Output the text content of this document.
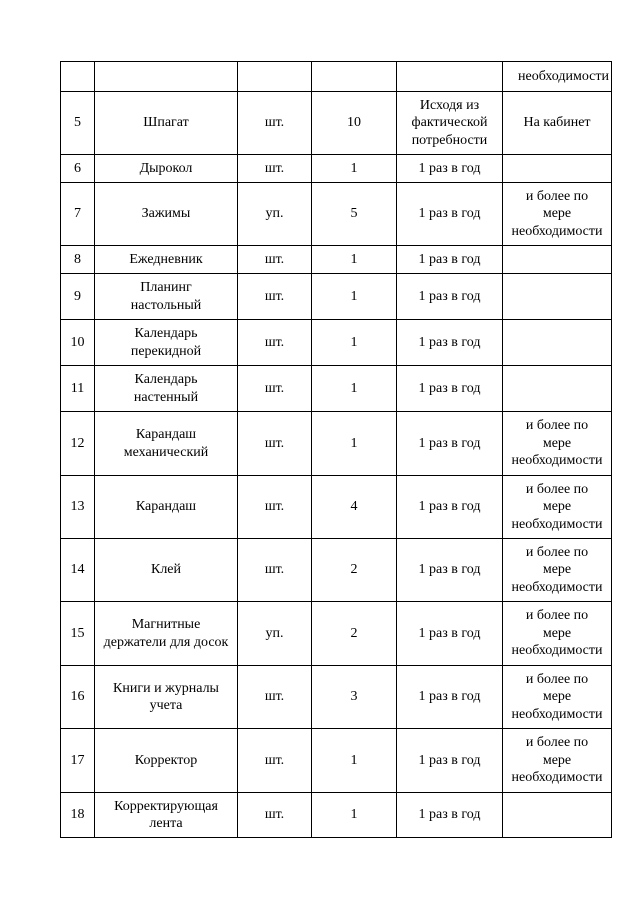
					необходимости
5	Шпагат	шт.	10	Исходя из
фактической
потребности	На кабинет
6	Дырокол	шт.	1	1 раз в год	
7	Зажимы	уп.	5	1 раз в год	и более по
мере
необходимости
8	Ежедневник	шт.	1	1 раз в год	
9	Планинг
настольный	шт.	1	1 раз в год	
10	Календарь
перекидной	шт.	1	1 раз в год	
11	Календарь
настенный	шт.	1	1 раз в год	
12	Карандаш
механический	шт.	1	1 раз в год	и более по
мере
необходимости
13	Карандаш	шт.	4	1 раз в год	и более по
мере
необходимости
14	Клей	шт.	2	1 раз в год	и более по
мере
необходимости
15	Магнитные
держатели для досок	уп.	2	1 раз в год	и более по
мере
необходимости
16	Книги и журналы
учета	шт.	3	1 раз в год	и более по
мере
необходимости
17	Корректор	шт.	1	1 раз в год	и более по
мере
необходимости
18	Корректирующая
лента	шт.	1	1 раз в год	
